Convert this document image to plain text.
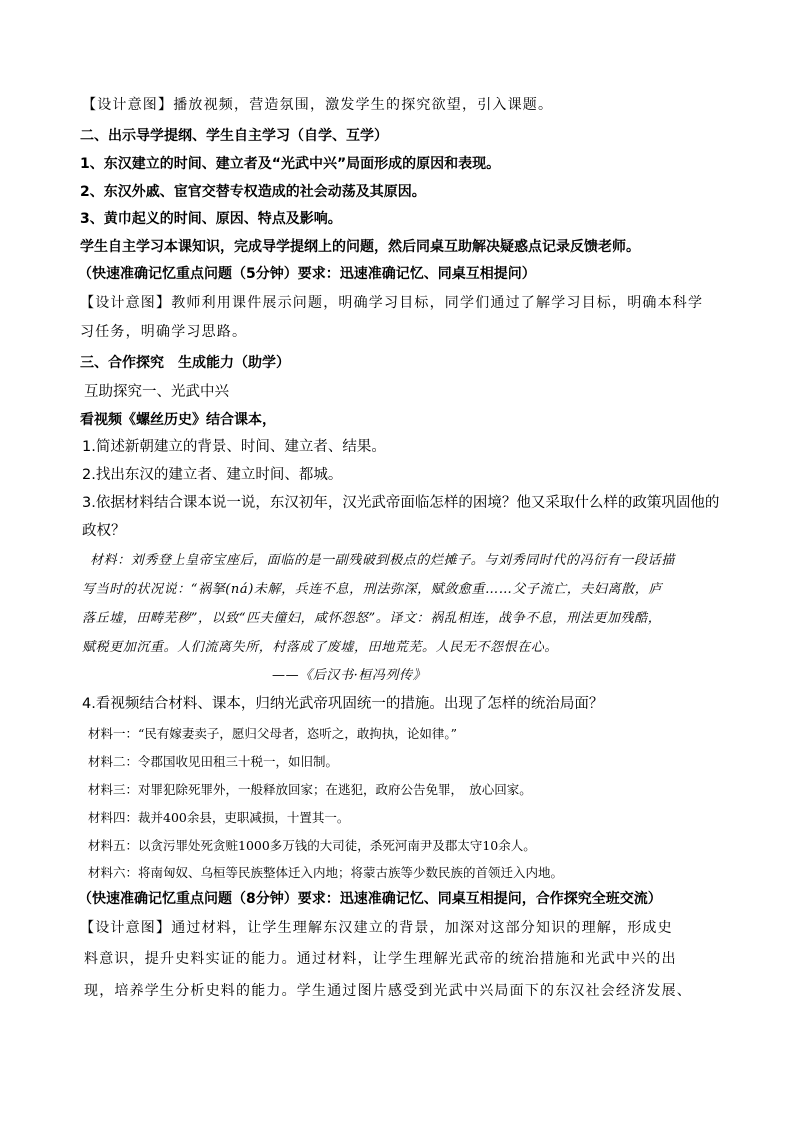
【设计意图】播放视频，营造氛围，激发学生的探究欲望，引入课题。
二、出示导学提纲、学生自主学习（自学、互学）
1、东汉建立的时间、建立者及“光武中兴”局面形成的原因和表现。
2、东汉外戚、宦官交替专权造成的社会动荡及其原因。
3、黄巾起义的时间、原因、特点及影响。
学生自主学习本课知识，完成导学提纲上的问题，然后同桌互助解决疑惑点记录反馈老师。
（快速准确记忆重点问题（5分钟）要求：迅速准确记忆、同桌互相提问）
【设计意图】教师利用课件展示问题，明确学习目标，同学们通过了解学习目标，明确本科学
习任务，明确学习思路。
三、合作探究　生成能力（助学）
互助探究一、光武中兴
看视频《螺丝历史》结合课本，
1.简述新朝建立的背景、时间、建立者、结果。
2.找出东汉的建立者、建立时间、都城。
3.依据材料结合课本说一说，东汉初年，汉光武帝面临怎样的困境？他又采取什么样的政策巩固他的
政权？
材料：刘秀登上皇帝宝座后，面临的是一副残破到极点的烂摊子。与刘秀同时代的冯衍有一段话描
写当时的状况说：“祸拏(ná)未解，兵连不息，刑法弥深，赋敛愈重……父子流亡，夫妇离散，庐
落丘墟，田畴芜秽”，以致“匹夫僮妇，咸怀怨怒”。译文：祸乱相连，战争不息，刑法更加残酷，
赋税更加沉重。人们流离失所，村落成了废墟，田地荒芜。人民无不怨恨在心。
——《后汉书·桓冯列传》
4.看视频结合材料、课本，归纳光武帝巩固统一的措施。出现了怎样的统治局面？
材料一：“民有嫁妻卖子，愿归父母者，恣听之，敢拘执，论如律。”
材料二：令郡国收见田租三十税一，如旧制。
材料三：对罪犯除死罪外，一般释放回家；在逃犯，政府公告免罪，　放心回家。
材料四：裁并400余县，吏职减损，十置其一。
材料五：以贪污罪处死贪赃1000多万钱的大司徒，杀死河南尹及郡太守10余人。
材料六：将南匈奴、乌桓等民族整体迁入内地；将蒙古族等少数民族的首领迁入内地。
（快速准确记忆重点问题（8分钟）要求：迅速准确记忆、同桌互相提问，合作探究全班交流）
【设计意图】通过材料，让学生理解东汉建立的背景，加深对这部分知识的理解，形成史
料意识，提升史料实证的能力。通过材料，让学生理解光武帝的统治措施和光武中兴的出
现，培养学生分析史料的能力。学生通过图片感受到光武中兴局面下的东汉社会经济发展、
